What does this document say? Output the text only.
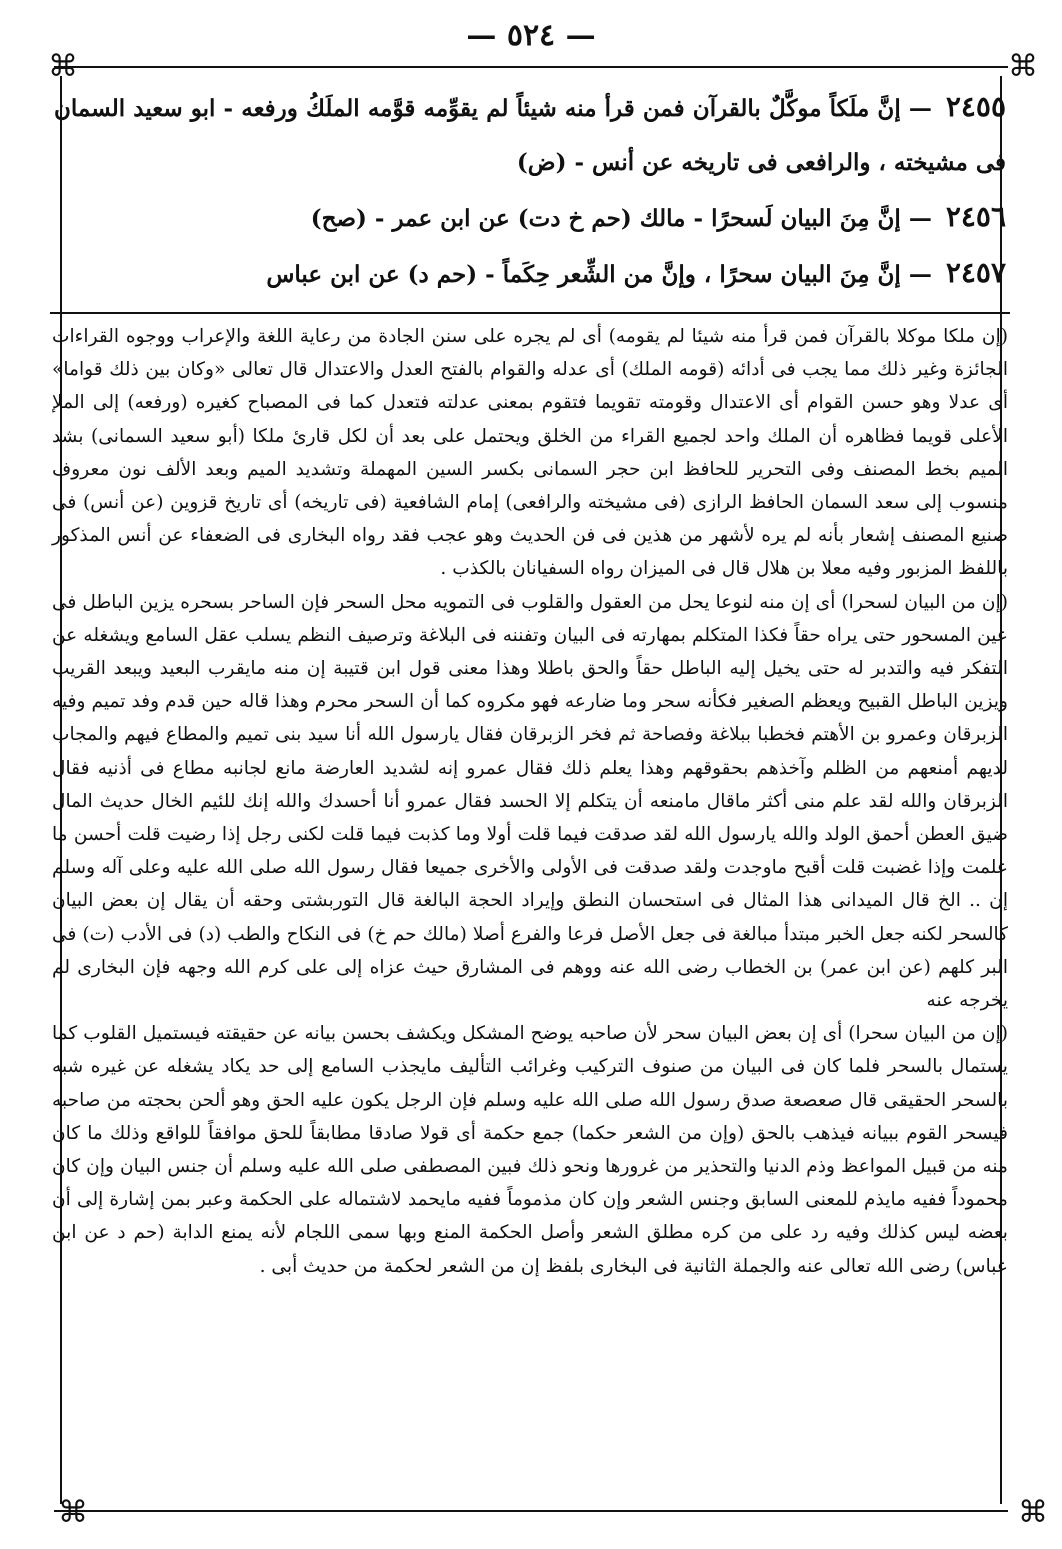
— ٥٢٤ —
⌘	⌘
⌘	⌘

٢٤٥٥— إنَّ ملَكاً موكَّلٌ بالقرآن فمن قرأ منه شيئاً لم يقوِّمه قوَّمه الملَكُ ورفعه - ابو سعيد السمان فى مشيخته ، والرافعى فى تاريخه عن أنس - (ض)

٢٤٥٦— إنَّ مِنَ البيان لَسحرًا - مالك (حم خ دت) عن ابن عمر - (صح)

٢٤٥٧— إنَّ مِنَ البيان سحرًا ، وإنَّ من الشِّعر حِكَماً - (حم د) عن ابن عباس

(إن ملكا موكلا بالقرآن فمن قرأ منه شيئا لم يقومه) أى لم يجره على سنن الجادة من رعاية اللغة والإعراب ووجوه القراءات الجائزة وغير ذلك مما يجب فى أدائه (قومه الملك) أى عدله والقوام بالفتح العدل والاعتدال قال تعالى «وكان بين ذلك قواما» أى عدلا وهو حسن القوام أى الاعتدال وقومته تقويما فتقوم بمعنى عدلته فتعدل كما فى المصباح كغيره (ورفعه) إلى الملإ الأعلى قويما فظاهره أن الملك واحد لجميع القراء من الخلق ويحتمل على بعد أن لكل قارئ ملكا (أبو سعيد السمانى) بشد الميم بخط المصنف وفى التحرير للحافظ ابن حجر السمانى بكسر السين المهملة وتشديد الميم وبعد الألف نون معروف منسوب إلى سعد السمان الحافظ الرازى (فى مشيخته والرافعى) إمام الشافعية (فى تاريخه) أى تاريخ قزوين (عن أنس) فى صنيع المصنف إشعار بأنه لم يره لأشهر من هذين فى فن الحديث وهو عجب فقد رواه البخارى فى الضعفاء عن أنس المذكور باللفظ المزبور وفيه معلا بن هلال قال فى الميزان رواه السفيانان بالكذب .

(إن من البيان لسحرا) أى إن منه لنوعا يحل من العقول والقلوب فى التمويه محل السحر فإن الساحر بسحره يزين الباطل فى عين المسحور حتى يراه حقاً فكذا المتكلم بمهارته فى البيان وتفننه فى البلاغة وترصيف النظم يسلب عقل السامع ويشغله عن التفكر فيه والتدبر له حتى يخيل إليه الباطل حقاً والحق باطلا وهذا معنى قول ابن قتيبة إن منه مايقرب البعيد ويبعد القريب ويزين الباطل القبيح ويعظم الصغير فكأنه سحر وما ضارعه فهو مكروه كما أن السحر محرم وهذا قاله حين قدم وفد تميم وفيه الزبرقان وعمرو بن الأهتم فخطبا ببلاغة وفصاحة ثم فخر الزبرقان فقال يارسول الله أنا سيد بنى تميم والمطاع فيهم والمجاب لديهم أمنعهم من الظلم وآخذهم بحقوقهم وهذا يعلم ذلك فقال عمرو إنه لشديد العارضة مانع لجانبه مطاع فى أذنيه فقال الزبرقان والله لقد علم منى أكثر ماقال مامنعه أن يتكلم إلا الحسد فقال عمرو أنا أحسدك والله إنك للئيم الخال حديث المال ضيق العطن أحمق الولد والله يارسول الله لقد صدقت فيما قلت أولا وما كذبت فيما قلت لكنى رجل إذا رضيت قلت أحسن ما علمت وإذا غضبت قلت أقبح ماوجدت ولقد صدقت فى الأولى والأخرى جميعا فقال رسول الله صلى الله عليه وعلى آله وسلم إن .. الخ قال الميدانى هذا المثال فى استحسان النطق وإيراد الحجة البالغة قال التوربشتى وحقه أن يقال إن بعض البيان كالسحر لكنه جعل الخبر مبتدأ مبالغة فى جعل الأصل فرعا والفرع أصلا (مالك حم خ) فى النكاح والطب (د) فى الأدب (ت) فى البر كلهم (عن ابن عمر) بن الخطاب رضى الله عنه ووهم فى المشارق حيث عزاه إلى على كرم الله وجهه فإن البخارى لم يخرجه عنه

(إن من البيان سحرا) أى إن بعض البيان سحر لأن صاحبه يوضح المشكل ويكشف بحسن بيانه عن حقيقته فيستميل القلوب كما يستمال بالسحر فلما كان فى البيان من صنوف التركيب وغرائب التأليف مايجذب السامع إلى حد يكاد يشغله عن غيره شبه بالسحر الحقيقى قال صعصعة صدق رسول الله صلى الله عليه وسلم فإن الرجل يكون عليه الحق وهو ألحن بحجته من صاحبه فيسحر القوم ببيانه فيذهب بالحق (وإن من الشعر حكما) جمع حكمة أى قولا صادقا مطابقاً للحق موافقاً للواقع وذلك ما كان منه من قبيل المواعظ وذم الدنيا والتحذير من غرورها ونحو ذلك فبين المصطفى صلى الله عليه وسلم أن جنس البيان وإن كان محموداً ففيه مايذم للمعنى السابق وجنس الشعر وإن كان مذموماً ففيه مايحمد لاشتماله على الحكمة وعبر بمن إشارة إلى أن بعضه ليس كذلك وفيه رد على من كره مطلق الشعر وأصل الحكمة المنع وبها سمى اللجام لأنه يمنع الدابة (حم د عن ابن عباس) رضى الله تعالى عنه والجملة الثانية فى البخارى بلفظ إن من الشعر لحكمة من حديث أبى .
